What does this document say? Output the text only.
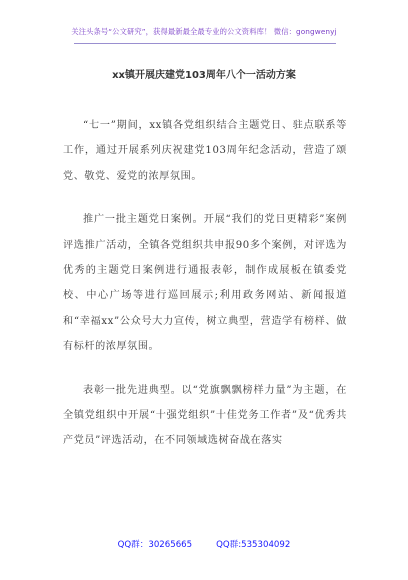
关注头条号“公文研究”，获得最新最全最专业的公文资料库！ 微信：gongwenyj
xx镇开展庆建党103周年八个一活动方案

“七一”期间，xx镇各党组织结合主题党日、驻点联系等工作，通过开展系列庆祝建党103周年纪念活动，营造了颂党、敬党、爱党的浓厚氛围。

推广一批主题党日案例。开展“我们的党日更精彩”案例评选推广活动，全镇各党组织共申报90多个案例，对评选为优秀的主题党日案例进行通报表彰，制作成展板在镇委党校、中心广场等进行巡回展示;利用政务网站、新闻报道和“幸福xx”公众号大力宣传，树立典型，营造学有榜样、做有标杆的浓厚氛围。

表彰一批先进典型。以“党旗飘飘榜样力量”为主题，在全镇党组织中开展“十强党组织”十佳党务工作者”及“优秀共产党员”评选活动，在不同领域选树奋战在落实

QQ群：30265665	QQ群:535304092
